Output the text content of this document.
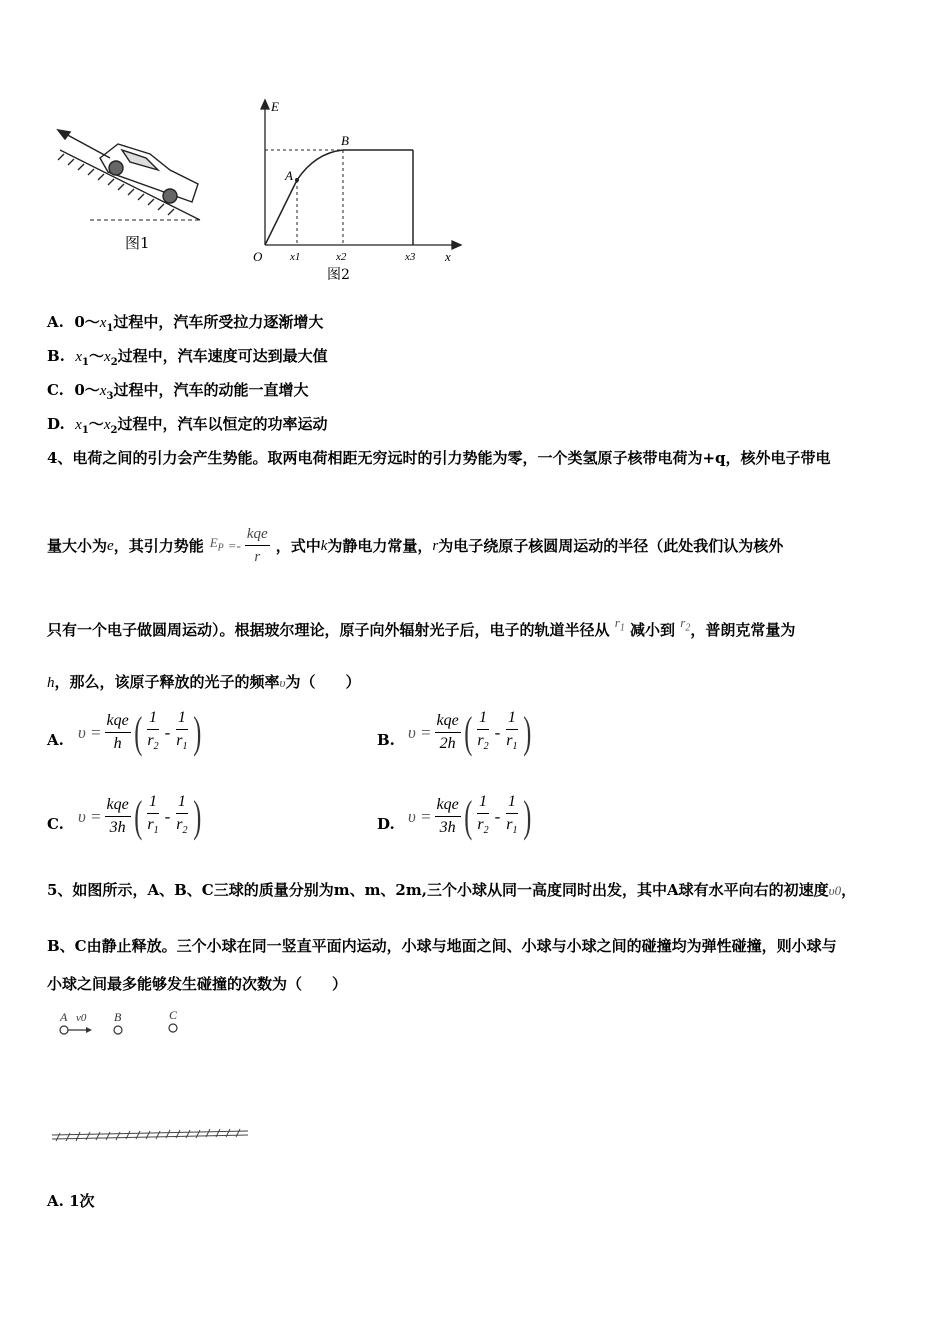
图1
E
x
O
A
B
x1	x2	x3
图2
A. $0\sim x_1$过程中，汽车所受拉力逐渐增大
B. $x_1\sim x_2$过程中，汽车速度可达到最大值
C. $0\sim x_3$过程中，汽车的动能一直增大
D. $x_1\sim x_2$过程中，汽车以恒定的功率运动
4、电荷之间的引力会产生势能。取两电荷相距无穷远时的引力势能为零，一个类氢原子核带电荷为+q，核外电子带电
量大小为 e ，其引力势能 $E_P =- \frac{\text{kqe}}{r}$ ，式中 k 为静电力常量， r 为电子绕原子核圆周运动的半径（此处我们认为核外
只有一个电子做圆周运动）。根据玻尔理论，原子向外辐射光子后，电子的轨道半径从 $r_1$ 减小到 $r_2$，普朗克常量为
h，那么，该原子释放的光子的频率υ为（　　）
A. $\upsilon = \frac{\text{kqe}}{h}$ ( $\frac{1}{r_2} - \frac{1}{r_1}$ )	B. $\upsilon = \frac{\text{kqe}}{2h}$ ( $\frac{1}{r_2} - \frac{1}{r_1}$ )
C. $\upsilon = \frac{\text{kqe}}{3h}$ ( $\frac{1}{r_1} - \frac{1}{r_2}$ )	D. $\upsilon = \frac{\text{kqe}}{3h}$ ( $\frac{1}{r_2} - \frac{1}{r_1}$ )
5、如图所示，A、B、C三球的质量分别为m、m、2m,三个小球从同一高度同时出发，其中A球有水平向右的初速度υ0，
B、C由静止释放。三个小球在同一竖直平面内运动，小球与地面之间、小球与小球之间的碰撞均为弹性碰撞，则小球与
小球之间最多能够发生碰撞的次数为（　　）
A v0 B	C
A. 1次
